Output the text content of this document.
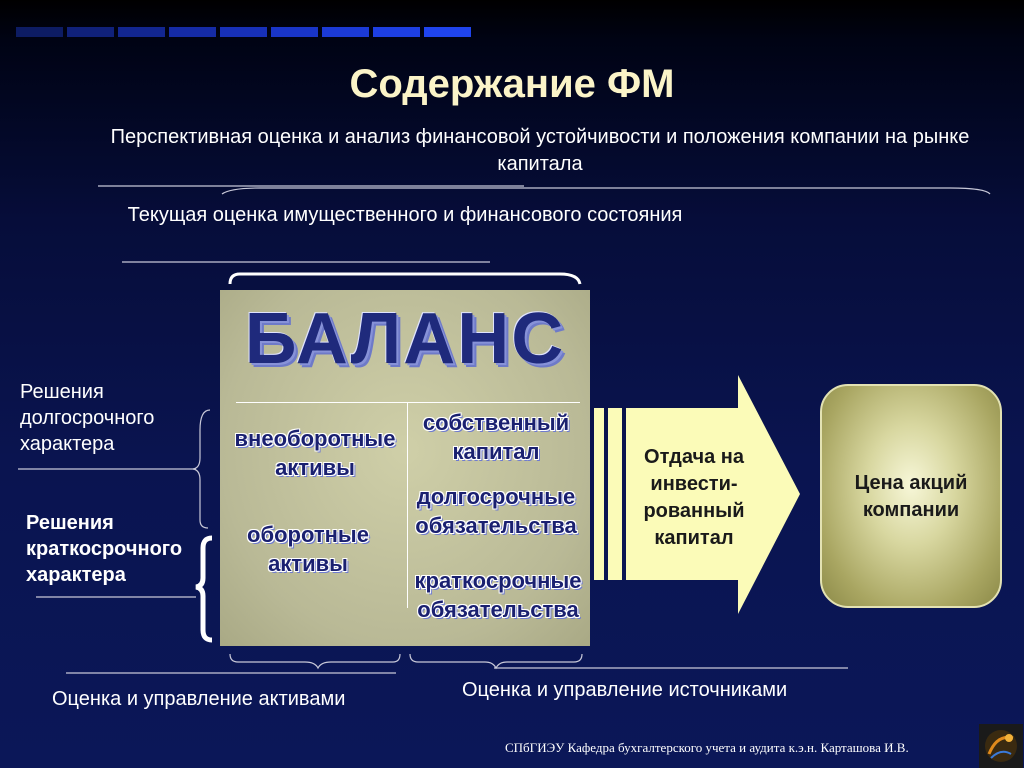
Содержание ФМ
Перспективная оценка и анализ финансовой устойчивости и положения компании на рынке капитала
Текущая оценка имущественного и финансового состояния
Решения долгосрочного характера
Решения краткосрочного характера
БАЛАНС
внеоборотные активы
оборотные активы
собственный капитал
долгосрочные обязательства
краткосрочные обязательства
Отдача на инвести-рованный капитал
Цена акций компании
Оценка и управление активами	Оценка и управление источниками
СПбГИЭУ Кафедра бухгалтерского учета и аудита к.э.н. Карташова И.В.
